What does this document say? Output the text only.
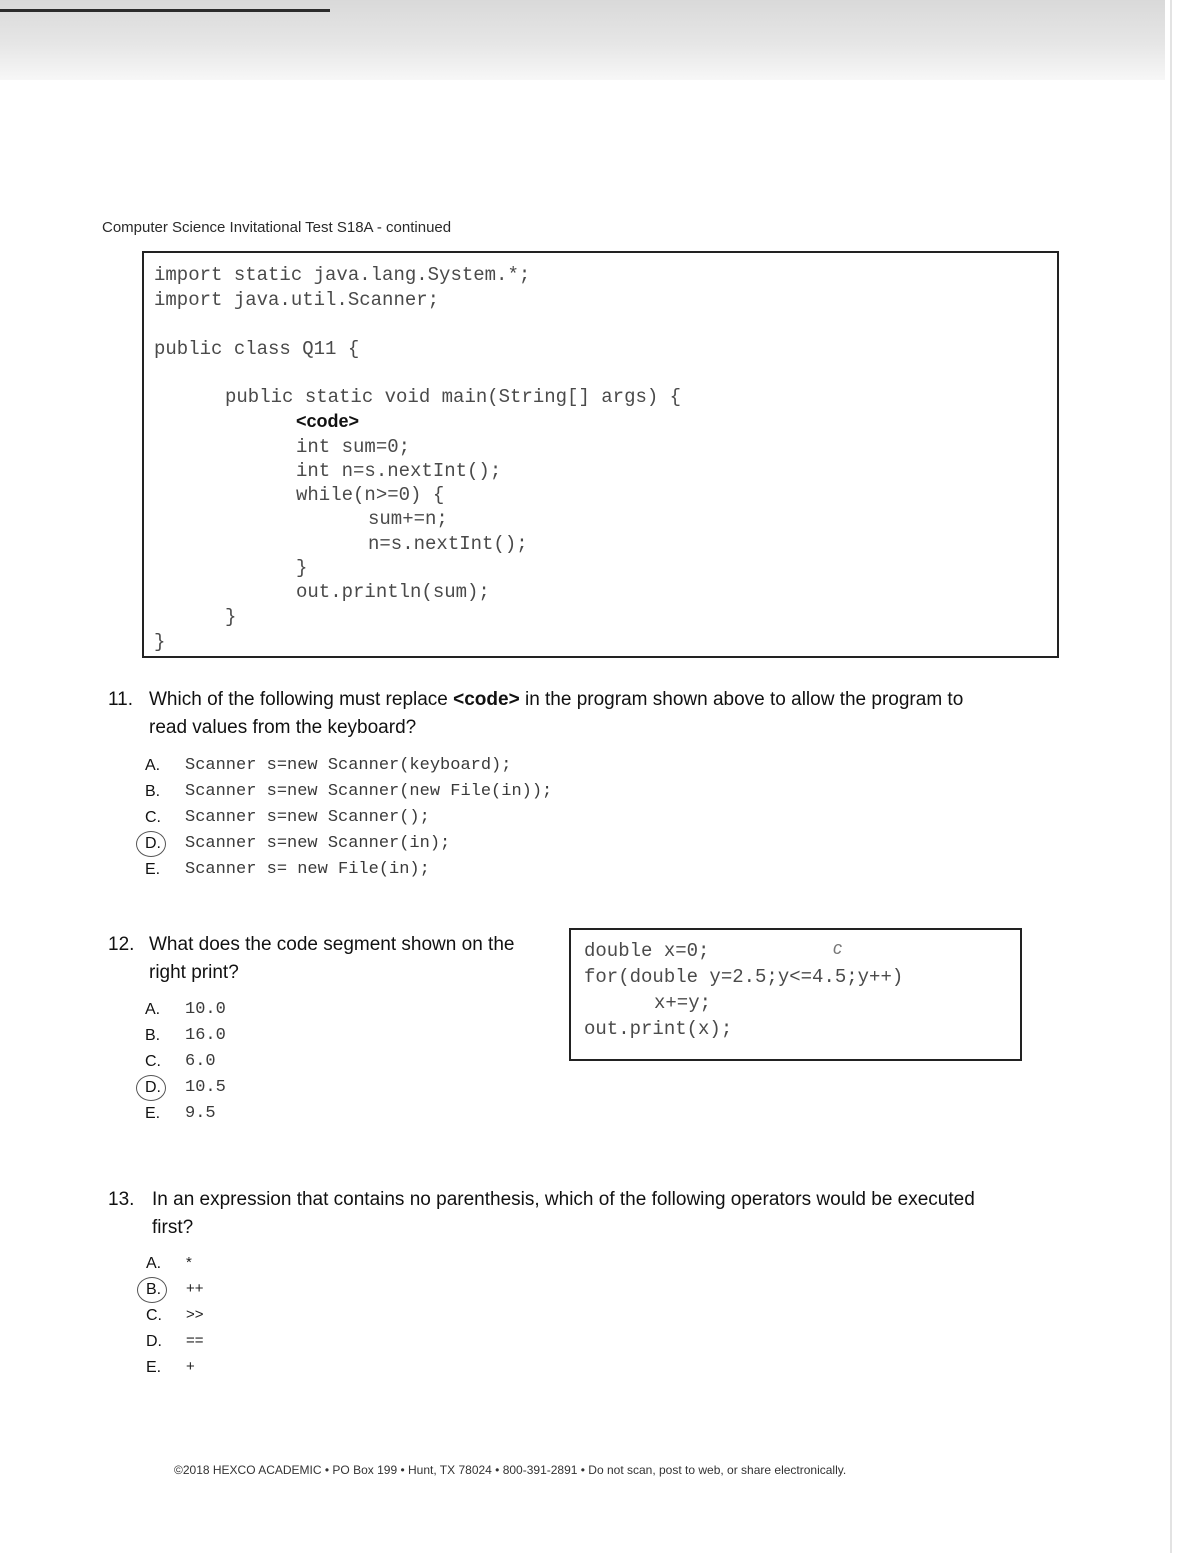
Computer Science Invitational Test S18A - continued
import static java.lang.System.*;
import java.util.Scanner;
public class Q11 {
public static void main(String[] args) {
<code>
int sum=0;
int n=s.nextInt();
while(n>=0) {
sum+=n;
n=s.nextInt();
}
out.println(sum);
}
}
11. Which of the following must replace <code> in the program shown above to allow the program to
read values from the keyboard?
A. Scanner s=new Scanner(keyboard);
B. Scanner s=new Scanner(new File(in));
C. Scanner s=new Scanner();
D. Scanner s=new Scanner(in);
E. Scanner s= new File(in);
12. What does the code segment shown on the
right print?
double x=0;
for(double y=2.5;y<=4.5;y++)
x+=y;
out.print(x);
c
A. 10.0
B. 16.0
C. 6.0
D. 10.5
E. 9.5
13. In an expression that contains no parenthesis, which of the following operators would be executed
first?
A. *
B. ++
C. >>
D. ==
E. +
©2018 HEXCO ACADEMIC • PO Box 199 • Hunt, TX 78024 • 800-391-2891 • Do not scan, post to web, or share electronically.
